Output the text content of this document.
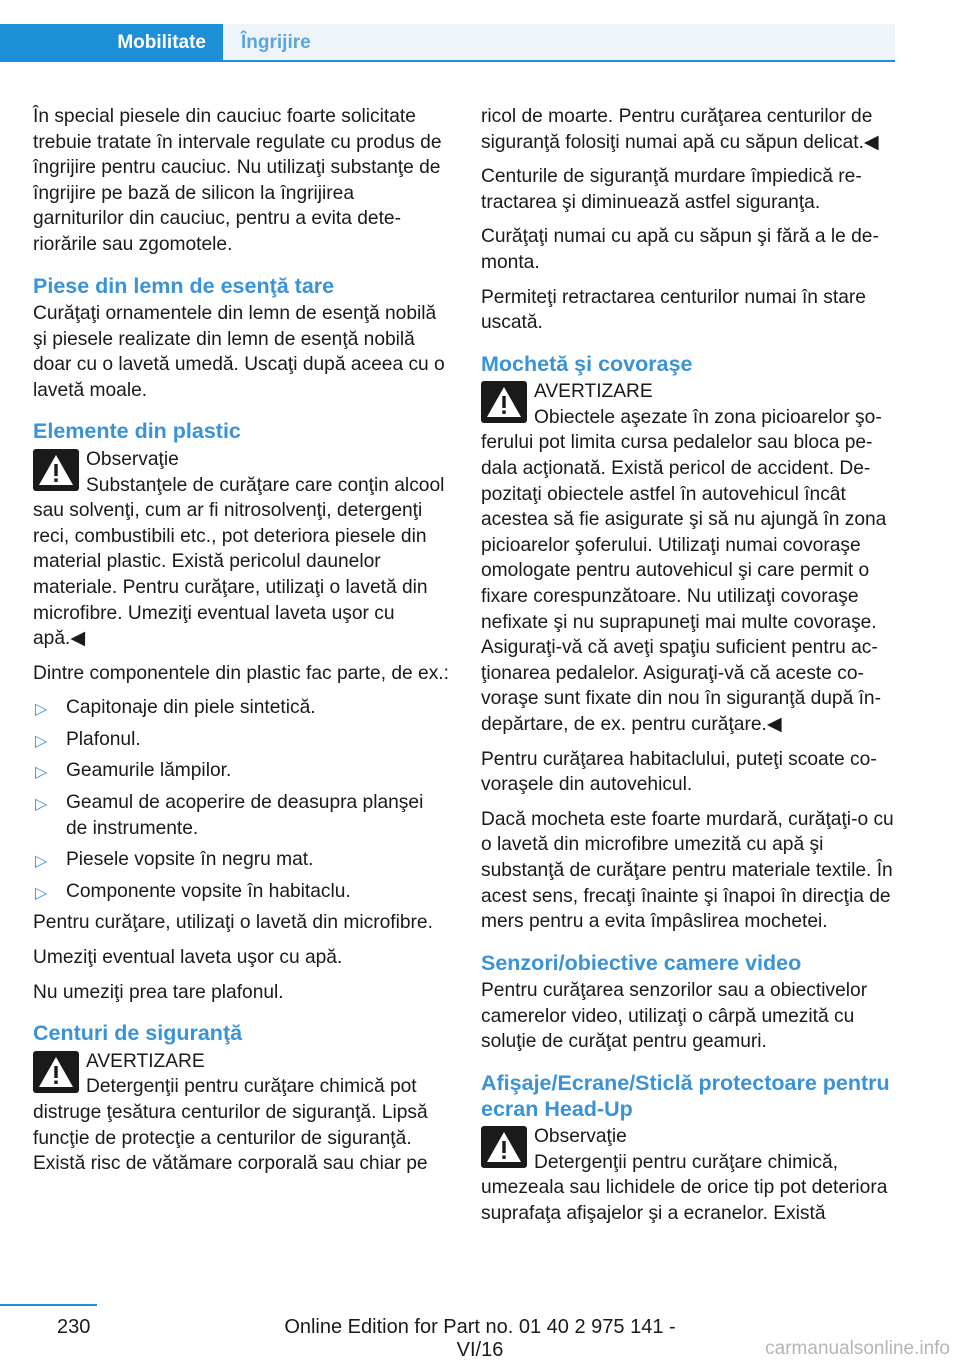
Mobilitate	Îngrijire

În special piesele din cauciuc foarte solicitate trebuie tratate în intervale regulate cu produs de îngrijire pentru cauciuc. Nu utilizaţi substanţe de îngrijire pe bază de silicon la îngrijirea garniturilor din cauciuc, pentru a evita deteriorările sau zgomotele.

Piese din lemn de esenţă tare

Curăţaţi ornamentele din lemn de esenţă nobilă şi piesele realizate din lemn de esenţă nobilă doar cu o lavetă umedă. Uscaţi după aceea cu o lavetă moale.

Elemente din plastic
Observaţie
Substanţele de curăţare care conţin alcool sau solvenţi, cum ar fi nitrosolvenţi, detergenţi reci, combustibili etc., pot deteriora piesele din material plastic. Există pericolul daunelor materiale. Pentru curăţare, utilizaţi o lavetă din microfibre. Umeziţi eventual laveta uşor cu apă.◀

Dintre componentele din plastic fac parte, de ex.:

▷ Capitonaje din piele sintetică.
▷ Plafonul.
▷ Geamurile lămpilor.
▷ Geamul de acoperire de deasupra planşei de instrumente.
▷ Piesele vopsite în negru mat.
▷ Componente vopsite în habitaclu.

Pentru curăţare, utilizaţi o lavetă din microfibre.

Umeziţi eventual laveta uşor cu apă.

Nu umeziţi prea tare plafonul.

Centuri de siguranţă
AVERTIZARE
Detergenţii pentru curăţare chimică pot distruge ţesătura centurilor de siguranţă. Lipsă funcţie de protecţie a centurilor de siguranţă. Există risc de vătămare corporală sau chiar pe

ricol de moarte. Pentru curăţarea centurilor de siguranţă folosiţi numai apă cu săpun delicat.◀

Centurile de siguranţă murdare împiedică retractarea şi diminuează astfel siguranţa.

Curăţaţi numai cu apă cu săpun şi fără a le demonta.

Permiteţi retractarea centurilor numai în stare uscată.

Mochetă şi covoraşe
AVERTIZARE
Obiectele aşezate în zona picioarelor şoferului pot limita cursa pedalelor sau bloca pedala acţionată. Există pericol de accident. Depozitaţi obiectele astfel în autovehicul încât acestea să fie asigurate şi să nu ajungă în zona picioarelor şoferului. Utilizaţi numai covoraşe omologate pentru autovehicul şi care permit o fixare corespunzătoare. Nu utilizaţi covoraşe nefixate şi nu suprapuneţi mai multe covoraşe. Asiguraţi-vă că aveţi spaţiu suficient pentru acţionarea pedalelor. Asiguraţi-vă că aceste covoraşe sunt fixate din nou în siguranţă după îndepărtare, de ex. pentru curăţare.◀

Pentru curăţarea habitaclului, puteţi scoate covoraşele din autovehicul.

Dacă mocheta este foarte murdară, curăţaţi-o cu o lavetă din microfibre umezită cu apă şi substanţă de curăţare pentru materiale textile. În acest sens, frecaţi înainte şi înapoi în direcţia de mers pentru a evita împâslirea mochetei.

Senzori/obiective camere video

Pentru curăţarea senzorilor sau a obiectivelor camerelor video, utilizaţi o cârpă umezită cu soluţie de curăţat pentru geamuri.

Afişaje/Ecrane/Sticlă protectoare pentru ecran Head-Up
Observaţie
Detergenţii pentru curăţare chimică, umezeala sau lichidele de orice tip pot deteriora suprafaţa afişajelor şi a ecranelor. Există
230	Online Edition for Part no. 01 40 2 975 141 - VI/16	carmanualsonline.info
